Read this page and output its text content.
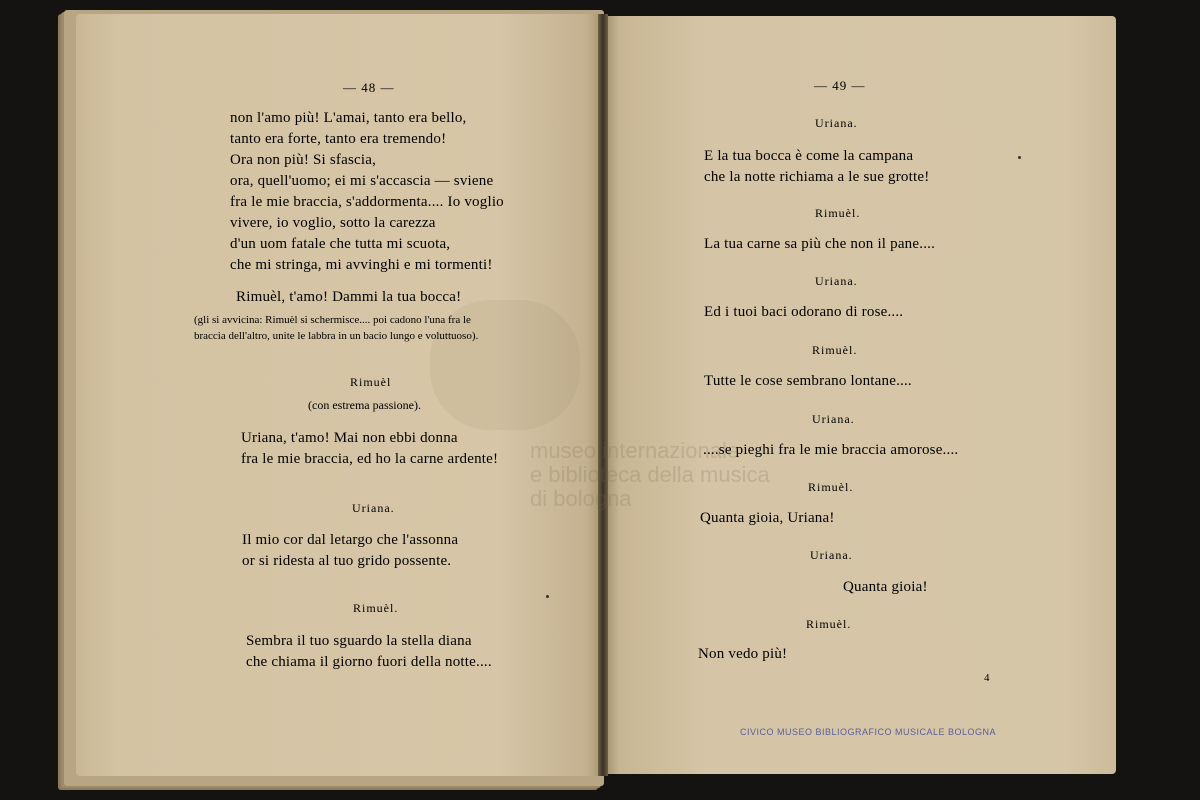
museo internazionale
e biblioteca della musica
di bologna
— 48 —
non l'amo più! L'amai, tanto era bello,
tanto era forte, tanto era tremendo!
Ora non più! Si sfascia,
ora, quell'uomo; ei mi s'accascia — sviene
fra le mie braccia, s'addormenta.... Io voglio
vivere, io voglio, sotto la carezza
d'un uom fatale che tutta mi scuota,
che mi stringa, mi avvinghi e mi tormenti!
Rimuèl, t'amo! Dammi la tua bocca!
(gli si avvicina: Rimuèl si schermisce.... poi cadono l'una fra le
braccia dell'altro, unite le labbra in un bacio lungo e voluttuoso).
Rimuèl
(con estrema passione).
Uriana, t'amo! Mai non ebbi donna
fra le mie braccia, ed ho la carne ardente!
Uriana.
Il mio cor dal letargo che l'assonna
or si ridesta al tuo grido possente.
Rimuèl.
Sembra il tuo sguardo la stella diana
che chiama il giorno fuori della notte....
— 49 —
Uriana.
E la tua bocca è come la campana
che la notte richiama a le sue grotte!
Rimuèl.
La tua carne sa più che non il pane....
Uriana.
Ed i tuoi baci odorano di rose....
Rimuèl.
Tutte le cose sembrano lontane....
Uriana.
....se pieghi fra le mie braccia amorose....
Rimuèl.
Quanta gioia, Uriana!
Uriana.
Quanta gioia!
Rimuèl.
Non vedo più!
4
CIVICO MUSEO BIBLIOGRAFICO MUSICALE BOLOGNA
